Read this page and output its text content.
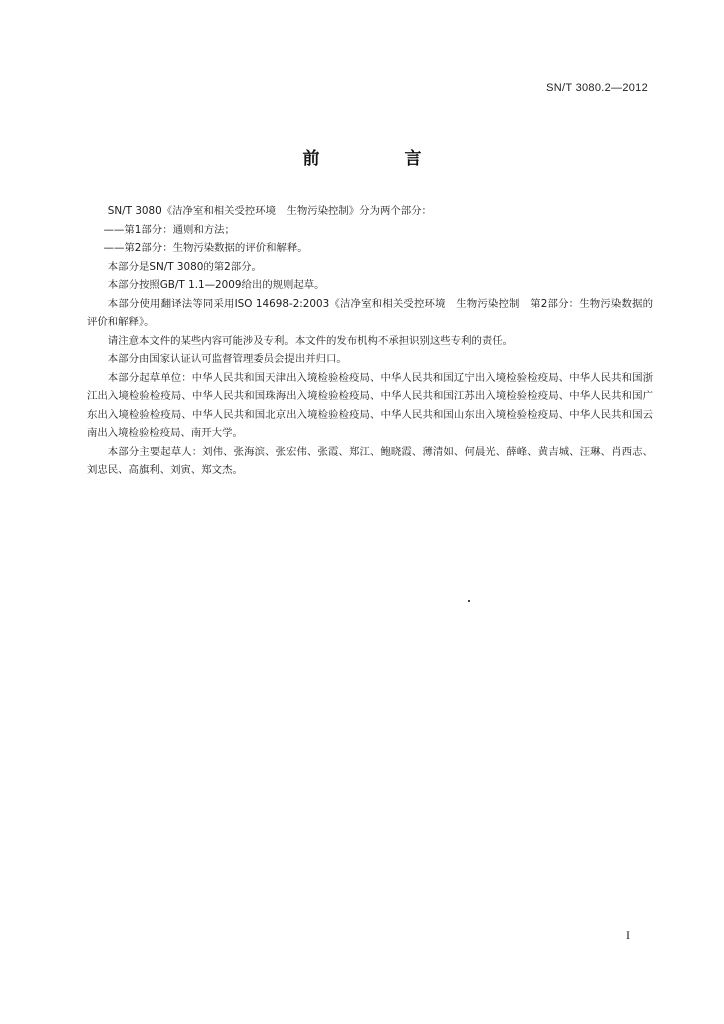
SN/T 3080.2—2012
前　言

SN/T 3080《洁净室和相关受控环境　生物污染控制》分为两个部分：

——第1部分：通则和方法；

——第2部分：生物污染数据的评价和解释。

本部分是SN/T 3080的第2部分。

本部分按照GB/T 1.1—2009给出的规则起草。

本部分使用翻译法等同采用ISO 14698-2:2003《洁净室和相关受控环境　生物污染控制　第2部分：生物污染数据的评价和解释》。

请注意本文件的某些内容可能涉及专利。本文件的发布机构不承担识别这些专利的责任。

本部分由国家认证认可监督管理委员会提出并归口。

本部分起草单位：中华人民共和国天津出入境检验检疫局、中华人民共和国辽宁出入境检验检疫局、中华人民共和国浙江出入境检验检疫局、中华人民共和国珠海出入境检验检疫局、中华人民共和国江苏出入境检验检疫局、中华人民共和国广东出入境检验检疫局、中华人民共和国北京出入境检验检疫局、中华人民共和国山东出入境检验检疫局、中华人民共和国云南出入境检验检疫局、南开大学。

本部分主要起草人：刘伟、张海滨、张宏伟、张霞、郑江、鲍晓霞、薄清如、何晨光、薛峰、黄吉城、汪琳、肖西志、刘忠民、高旗利、刘寅、郑文杰。

I
